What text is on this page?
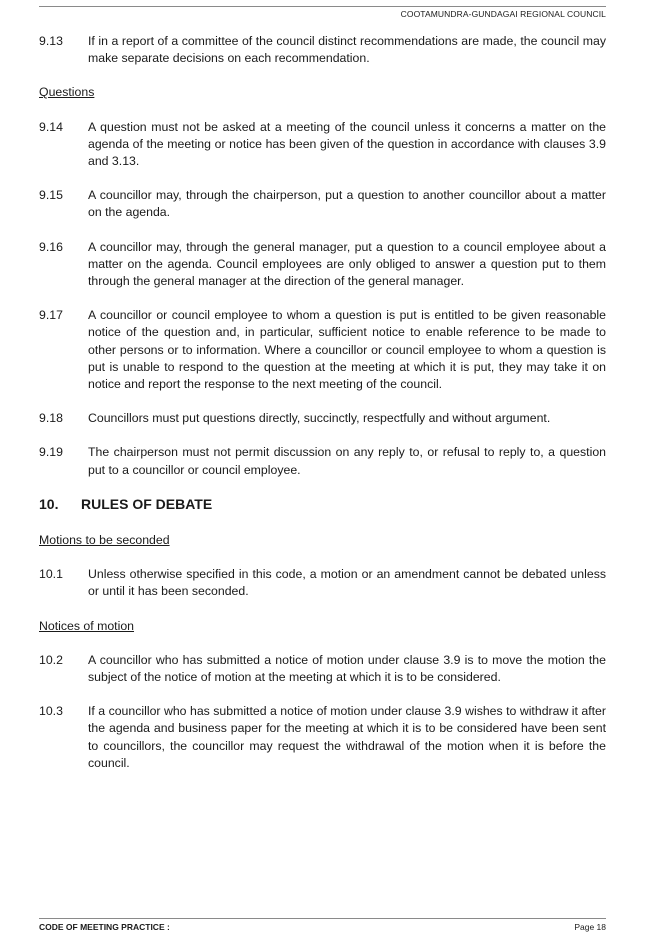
COOTAMUNDRA-GUNDAGAI REGIONAL COUNCIL
9.13	If in a report of a committee of the council distinct recommendations are made, the council may make separate decisions on each recommendation.
Questions
9.14	A question must not be asked at a meeting of the council unless it concerns a matter on the agenda of the meeting or notice has been given of the question in accordance with clauses 3.9 and 3.13.
9.15	A councillor may, through the chairperson, put a question to another councillor about a matter on the agenda.
9.16	A councillor may, through the general manager, put a question to a council employee about a matter on the agenda. Council employees are only obliged to answer a question put to them through the general manager at the direction of the general manager.
9.17	A councillor or council employee to whom a question is put is entitled to be given reasonable notice of the question and, in particular, sufficient notice to enable reference to be made to other persons or to information. Where a councillor or council employee to whom a question is put is unable to respond to the question at the meeting at which it is put, they may take it on notice and report the response to the next meeting of the council.
9.18	Councillors must put questions directly, succinctly, respectfully and without argument.
9.19	The chairperson must not permit discussion on any reply to, or refusal to reply to, a question put to a councillor or council employee.
10.	RULES OF DEBATE
Motions to be seconded
10.1	Unless otherwise specified in this code, a motion or an amendment cannot be debated unless or until it has been seconded.
Notices of motion
10.2	A councillor who has submitted a notice of motion under clause 3.9 is to move the motion the subject of the notice of motion at the meeting at which it is to be considered.
10.3	If a councillor who has submitted a notice of motion under clause 3.9 wishes to withdraw it after the agenda and business paper for the meeting at which it is to be considered have been sent to councillors, the councillor may request the withdrawal of the motion when it is before the council.
CODE OF MEETING PRACTICE :	Page 18
